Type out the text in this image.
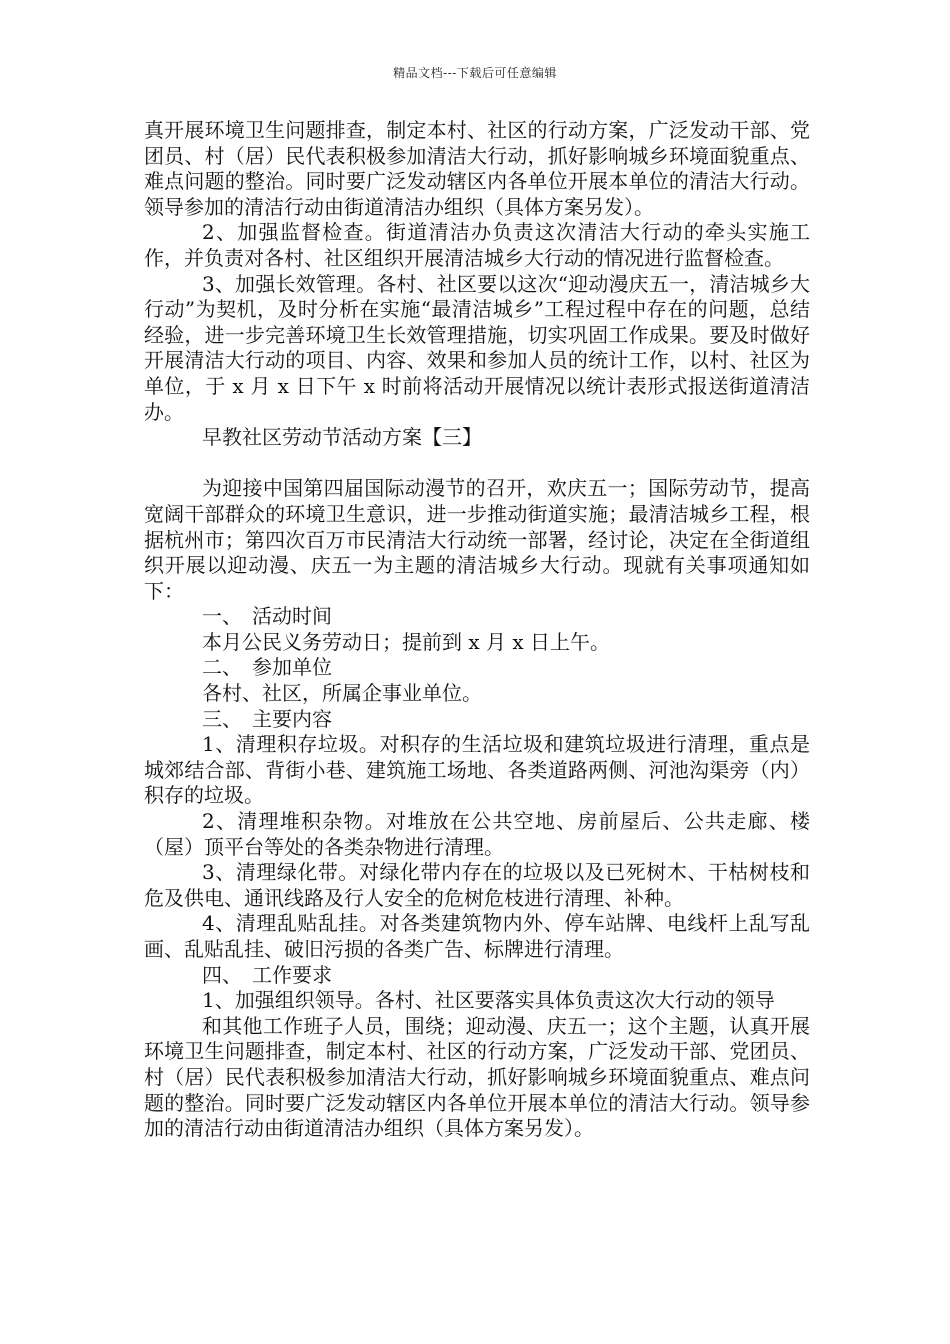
精品文档---下载后可任意编辑

真开展环境卫生问题排查，制定本村、社区的行动方案，广泛发动干部、党团员、村（居）民代表积极参加清洁大行动，抓好影响城乡环境面貌重点、难点问题的整治。同时要广泛发动辖区内各单位开展本单位的清洁大行动。领导参加的清洁行动由街道清洁办组织（具体方案另发）。

2、加强监督检查。街道清洁办负责这次清洁大行动的牵头实施工作，并负责对各村、社区组织开展清洁城乡大行动的情况进行监督检查。

3、加强长效管理。各村、社区要以这次“迎动漫庆五一，清洁城乡大行动”为契机，及时分析在实施“最清洁城乡”工程过程中存在的问题，总结经验，进一步完善环境卫生长效管理措施，切实巩固工作成果。要及时做好开展清洁大行动的项目、内容、效果和参加人员的统计工作，以村、社区为单位，于 x 月 x 日下午 x 时前将活动开展情况以统计表形式报送街道清洁办。

早教社区劳动节活动方案【三】

为迎接中国第四届国际动漫节的召开，欢庆五一；国际劳动节，提高宽阔干部群众的环境卫生意识，进一步推动街道实施；最清洁城乡工程，根据杭州市；第四次百万市民清洁大行动统一部署，经讨论，决定在全街道组织开展以迎动漫、庆五一为主题的清洁城乡大行动。现就有关事项通知如下：

一、　活动时间

本月公民义务劳动日；提前到 x 月 x 日上午。

二、　参加单位

各村、社区，所属企事业单位。

三、　主要内容

1、清理积存垃圾。对积存的生活垃圾和建筑垃圾进行清理，重点是城郊结合部、背街小巷、建筑施工场地、各类道路两侧、河池沟渠旁（内）积存的垃圾。

2、清理堆积杂物。对堆放在公共空地、房前屋后、公共走廊、楼（屋）顶平台等处的各类杂物进行清理。

3、清理绿化带。对绿化带内存在的垃圾以及已死树木、干枯树枝和危及供电、通讯线路及行人安全的危树危枝进行清理、补种。

4、清理乱贴乱挂。对各类建筑物内外、停车站牌、电线杆上乱写乱画、乱贴乱挂、破旧污损的各类广告、标牌进行清理。

四、　工作要求

1、加强组织领导。各村、社区要落实具体负责这次大行动的领导

和其他工作班子人员，围绕；迎动漫、庆五一；这个主题，认真开展环境卫生问题排查，制定本村、社区的行动方案，广泛发动干部、党团员、村（居）民代表积极参加清洁大行动，抓好影响城乡环境面貌重点、难点问题的整治。同时要广泛发动辖区内各单位开展本单位的清洁大行动。领导参加的清洁行动由街道清洁办组织（具体方案另发）。
